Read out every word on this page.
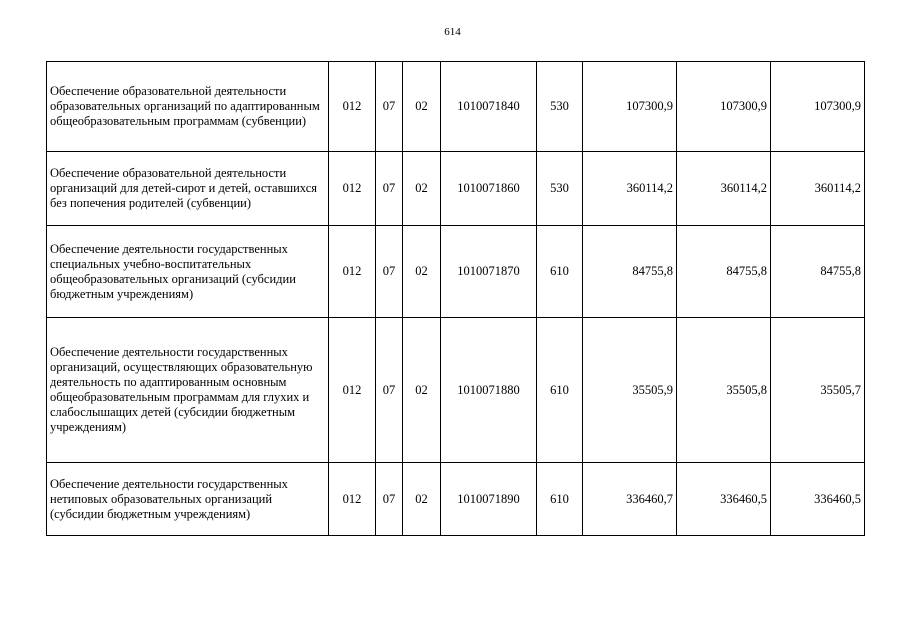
614
Обеспечение образовательной деятельности образовательных организаций по адаптированным общеобразовательным программам (субвенции)	012	07	02	1010071840	530	107300,9	107300,9	107300,9
Обеспечение образовательной деятельности организаций для детей-сирот и детей, оставшихся без попечения родителей (субвенции)	012	07	02	1010071860	530	360114,2	360114,2	360114,2
Обеспечение деятельности государственных специальных учебно-воспитательных общеобразовательных организаций (субсидии бюджетным учреждениям)	012	07	02	1010071870	610	84755,8	84755,8	84755,8
Обеспечение деятельности государственных организаций, осуществляющих образовательную деятельность по адаптированным основным общеобразовательным программам для глухих и слабослышащих детей (субсидии бюджетным учреждениям)	012	07	02	1010071880	610	35505,9	35505,8	35505,7
Обеспечение деятельности государственных нетиповых образовательных организаций (субсидии бюджетным учреждениям)	012	07	02	1010071890	610	336460,7	336460,5	336460,5
